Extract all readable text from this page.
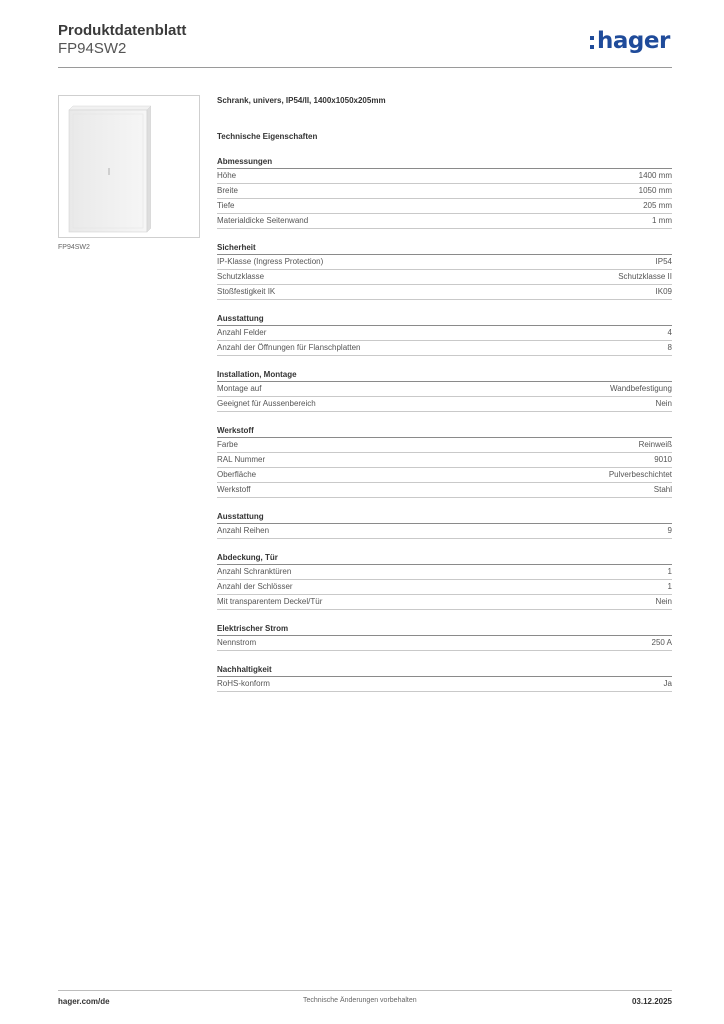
Produktdatenblatt
FP94SW2	hager
FP94SW2
Schrank, univers, IP54/II, 1400x1050x205mm
Technische Eigenschaften
Abmessungen
Höhe	1400 mm
Breite	1050 mm
Tiefe	205 mm
Materialdicke Seitenwand	1 mm
Sicherheit
IP-Klasse (Ingress Protection)	IP54
Schutzklasse	Schutzklasse II
Stoßfestigkeit IK	IK09
Ausstattung
Anzahl Felder	4
Anzahl der Öffnungen für Flanschplatten	8
Installation, Montage
Montage auf	Wandbefestigung
Geeignet für Aussenbereich	Nein
Werkstoff
Farbe	Reinweiß
RAL Nummer	9010
Oberfläche	Pulverbeschichtet
Werkstoff	Stahl
Ausstattung
Anzahl Reihen	9
Abdeckung, Tür
Anzahl Schranktüren	1
Anzahl der Schlösser	1
Mit transparentem Deckel/Tür	Nein
Elektrischer Strom
Nennstrom	250 A
Nachhaltigkeit
RoHS-konform	Ja
hager.com/de	Technische Änderungen vorbehalten	03.12.2025
